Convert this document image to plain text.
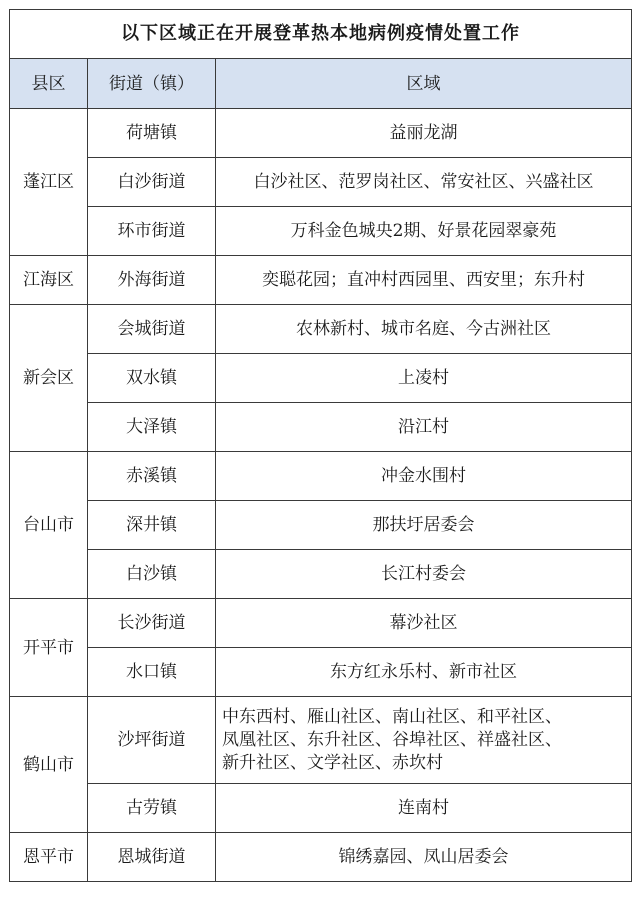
以下区域正在开展登革热本地病例疫情处置工作		
县区	街道（镇）	区域
蓬江区	荷塘镇	益丽龙湖
	白沙街道	白沙社区、范罗岗社区、常安社区、兴盛社区
	环市街道	万科金色城央2期、好景花园翠豪苑
江海区	外海街道	奕聪花园；直冲村西园里、西安里；东升村
新会区	会城街道	农林新村、城市名庭、今古洲社区
	双水镇	上凌村
	大泽镇	沿江村
台山市	赤溪镇	冲金水围村
	深井镇	那扶圩居委会
	白沙镇	长江村委会
开平市	长沙街道	幕沙社区
	水口镇	东方红永乐村、新市社区
鹤山市	沙坪街道	中东西村、雁山社区、南山社区、和平社区、
凤凰社区、东升社区、谷埠社区、祥盛社区、
新升社区、文学社区、赤坎村

	古劳镇	连南村
恩平市	恩城街道	锦绣嘉园、凤山居委会
